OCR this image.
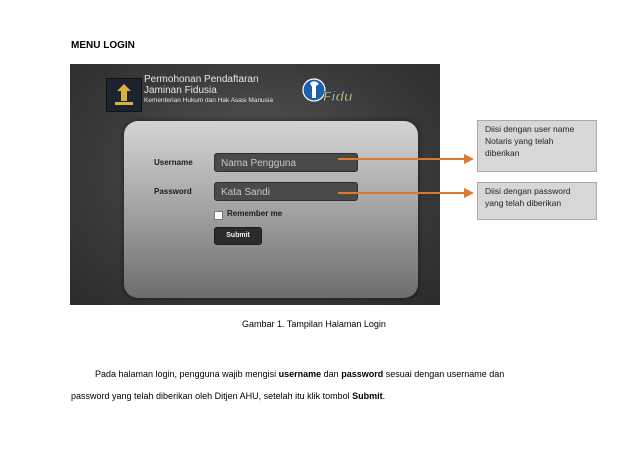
MENU LOGIN
Permohonan Pendaftaran
Jaminan Fidusia
Kementerian Hukum dan Hak Asasi Manusia	Fidu
Username	Nama Pengguna
Password	Kata Sandi
Remember me
Submit
Diisi dengan user name Notaris yang telah diberikan
Diisi dengan password yang telah diberikan
Gambar 1. Tampilan Halaman Login
Pada halaman login, pengguna wajib mengisi username dan password sesuai dengan username dan
password yang telah diberikan oleh Ditjen AHU, setelah itu klik tombol Submit.
